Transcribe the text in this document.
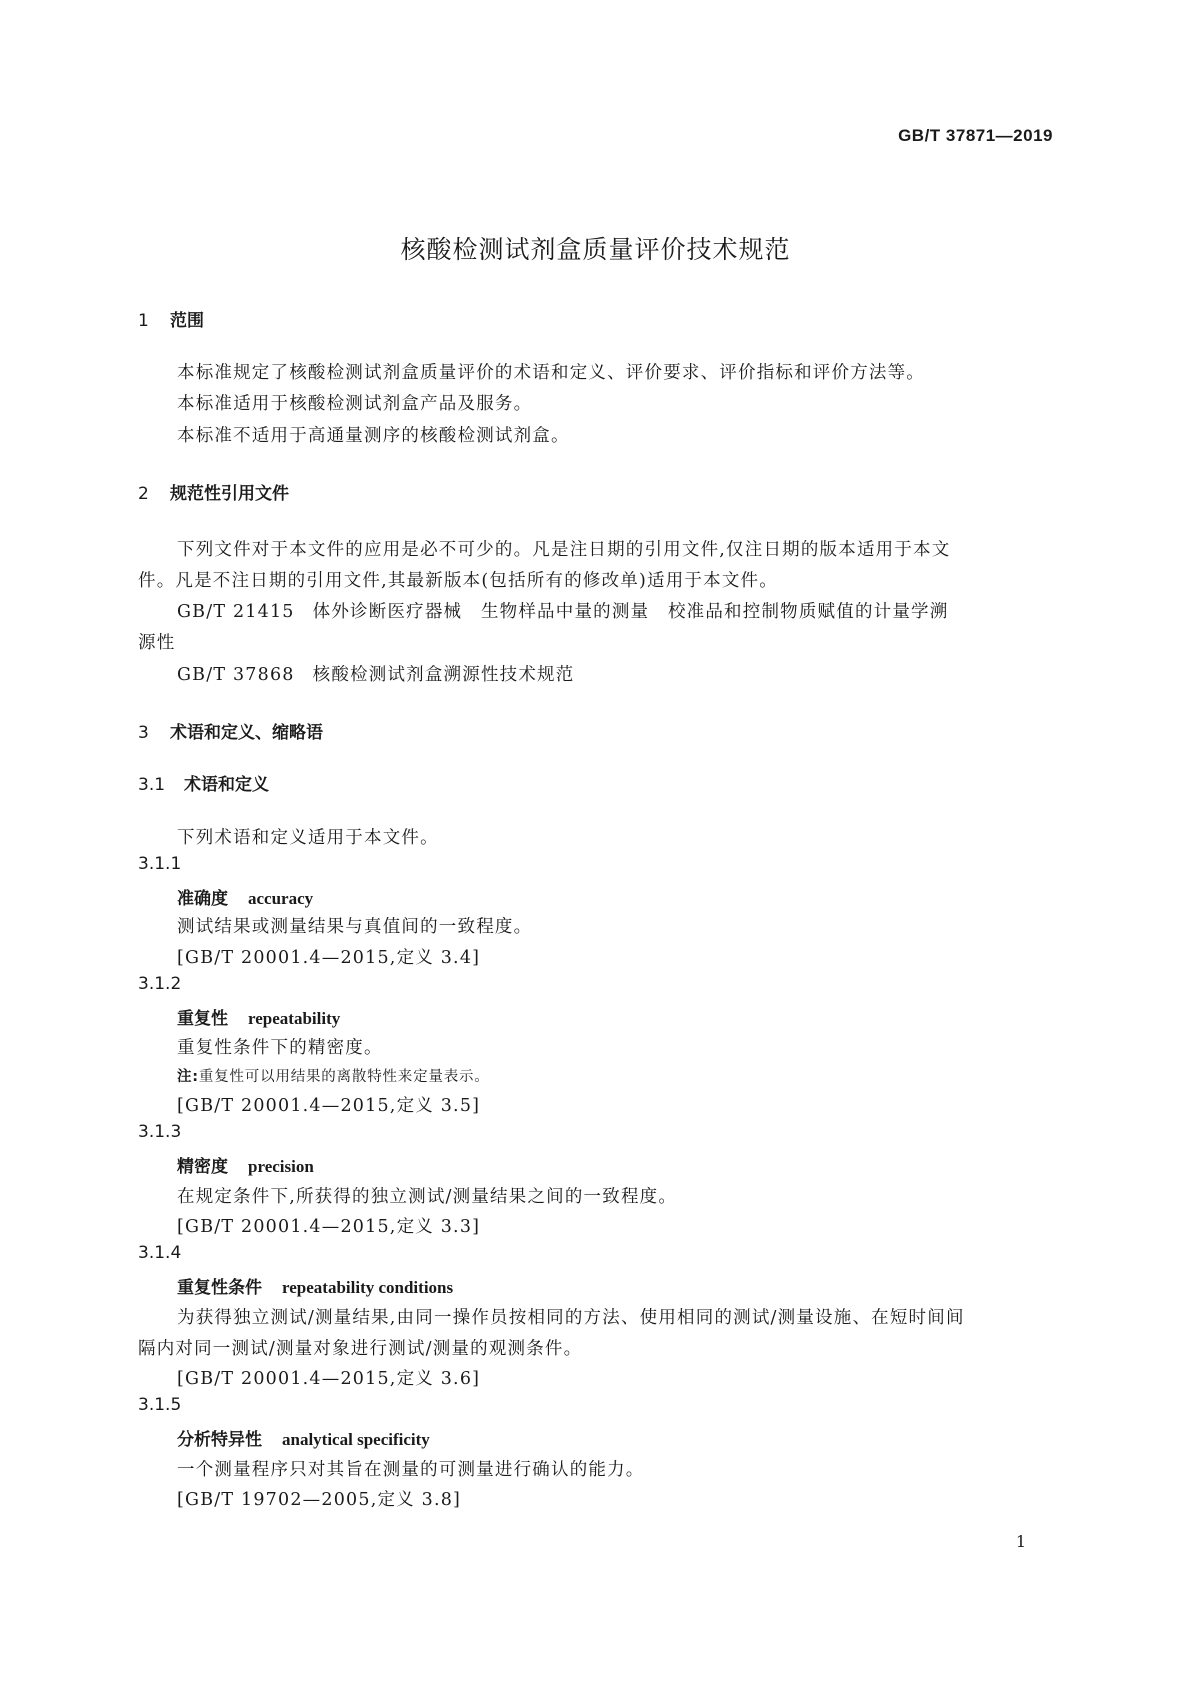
GB/T 37871—2019
核酸检测试剂盒质量评价技术规范
1 范围
本标准规定了核酸检测试剂盒质量评价的术语和定义、评价要求、评价指标和评价方法等。
本标准适用于核酸检测试剂盒产品及服务。
本标准不适用于高通量测序的核酸检测试剂盒。
2 规范性引用文件
下列文件对于本文件的应用是必不可少的。凡是注日期的引用文件,仅注日期的版本适用于本文
件。凡是不注日期的引用文件,其最新版本(包括所有的修改单)适用于本文件。
GB/T 21415 体外诊断医疗器械　生物样品中量的测量　校准品和控制物质赋值的计量学溯
源性
GB/T 37868 核酸检测试剂盒溯源性技术规范
3 术语和定义、缩略语
3.1 术语和定义
下列术语和定义适用于本文件。
3.1.1
准确度 accuracy
测试结果或测量结果与真值间的一致程度。
[GB/T 20001.4—2015,定义 3.4]
3.1.2
重复性 repeatability
重复性条件下的精密度。
注:重复性可以用结果的离散特性来定量表示。
[GB/T 20001.4—2015,定义 3.5]
3.1.3
精密度 precision
在规定条件下,所获得的独立测试/测量结果之间的一致程度。
[GB/T 20001.4—2015,定义 3.3]
3.1.4
重复性条件 repeatability conditions
为获得独立测试/测量结果,由同一操作员按相同的方法、使用相同的测试/测量设施、在短时间间
隔内对同一测试/测量对象进行测试/测量的观测条件。
[GB/T 20001.4—2015,定义 3.6]
3.1.5
分析特异性 analytical specificity
一个测量程序只对其旨在测量的可测量进行确认的能力。
[GB/T 19702—2005,定义 3.8]
1
